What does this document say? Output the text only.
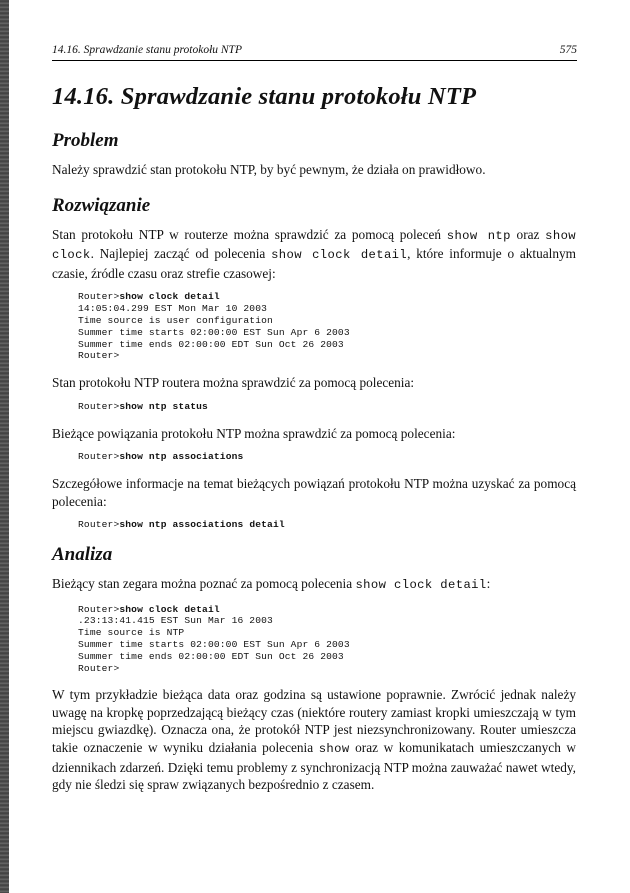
14.16. Sprawdzanie stanu protokołu NTP	575
14.16. Sprawdzanie stanu protokołu NTP
Problem

Należy sprawdzić stan protokołu NTP, by być pewnym, że działa on prawidłowo.

Rozwiązanie

Stan protokołu NTP w routerze można sprawdzić za pomocą poleceń show ntp oraz show clock. Najlepiej zacząć od polecenia show clock detail, które informuje o aktualnym czasie, źródle czasu oraz strefie czasowej:

Router>show clock detail
14:05:04.299 EST Mon Mar 10 2003
Time source is user configuration
Summer time starts 02:00:00 EST Sun Apr 6 2003
Summer time ends 02:00:00 EDT Sun Oct 26 2003
Router>

Stan protokołu NTP routera można sprawdzić za pomocą polecenia:

Router>show ntp status

Bieżące powiązania protokołu NTP można sprawdzić za pomocą polecenia:

Router>show ntp associations

Szczegółowe informacje na temat bieżących powiązań protokołu NTP można uzyskać za pomocą polecenia:

Router>show ntp associations detail
Analiza

Bieżący stan zegara można poznać za pomocą polecenia show clock detail:

Router>show clock detail
.23:13:41.415 EST Sun Mar 16 2003
Time source is NTP
Summer time starts 02:00:00 EST Sun Apr 6 2003
Summer time ends 02:00:00 EDT Sun Oct 26 2003
Router>

W tym przykładzie bieżąca data oraz godzina są ustawione poprawnie. Zwrócić jednak należy uwagę na kropkę poprzedzającą bieżący czas (niektóre routery zamiast kropki umieszczają w tym miejscu gwiazdkę). Oznacza ona, że protokół NTP jest niezsynchronizowany. Router umieszcza takie oznaczenie w wyniku działania polecenia show oraz w komunikatach umieszczanych w dziennikach zdarzeń. Dzięki temu problemy z synchronizacją NTP można zauważać nawet wtedy, gdy nie śledzi się spraw związanych bezpośrednio z czasem.
